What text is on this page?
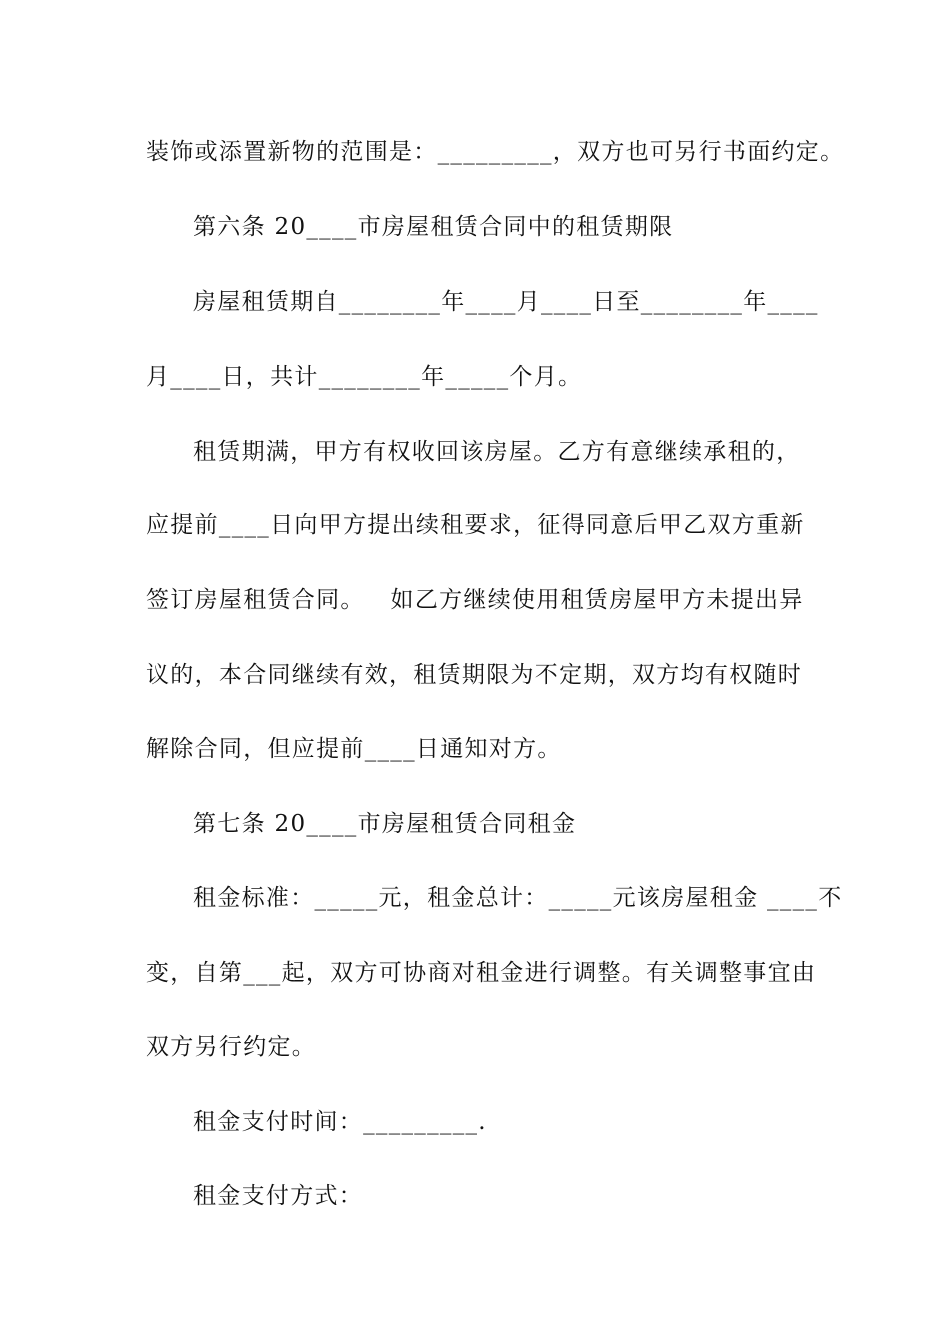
装饰或添置新物的范围是：_________，双方也可另行书面约定。
第六条 20____市房屋租赁合同中的租赁期限
房屋租赁期自________年____月____日至________年____
月____日，共计________年_____个月。
租赁期满，甲方有权收回该房屋。乙方有意继续承租的，
应提前____日向甲方提出续租要求，征得同意后甲乙双方重新
签订房屋租赁合同。   如乙方继续使用租赁房屋甲方未提出异
议的，本合同继续有效，租赁期限为不定期，双方均有权随时
解除合同，但应提前____日通知对方。
第七条 20____市房屋租赁合同租金
租金标准：_____元，租金总计：_____元该房屋租金 ____不
变，自第___起，双方可协商对租金进行调整。有关调整事宜由
双方另行约定。
租金支付时间：_________.
租金支付方式：
